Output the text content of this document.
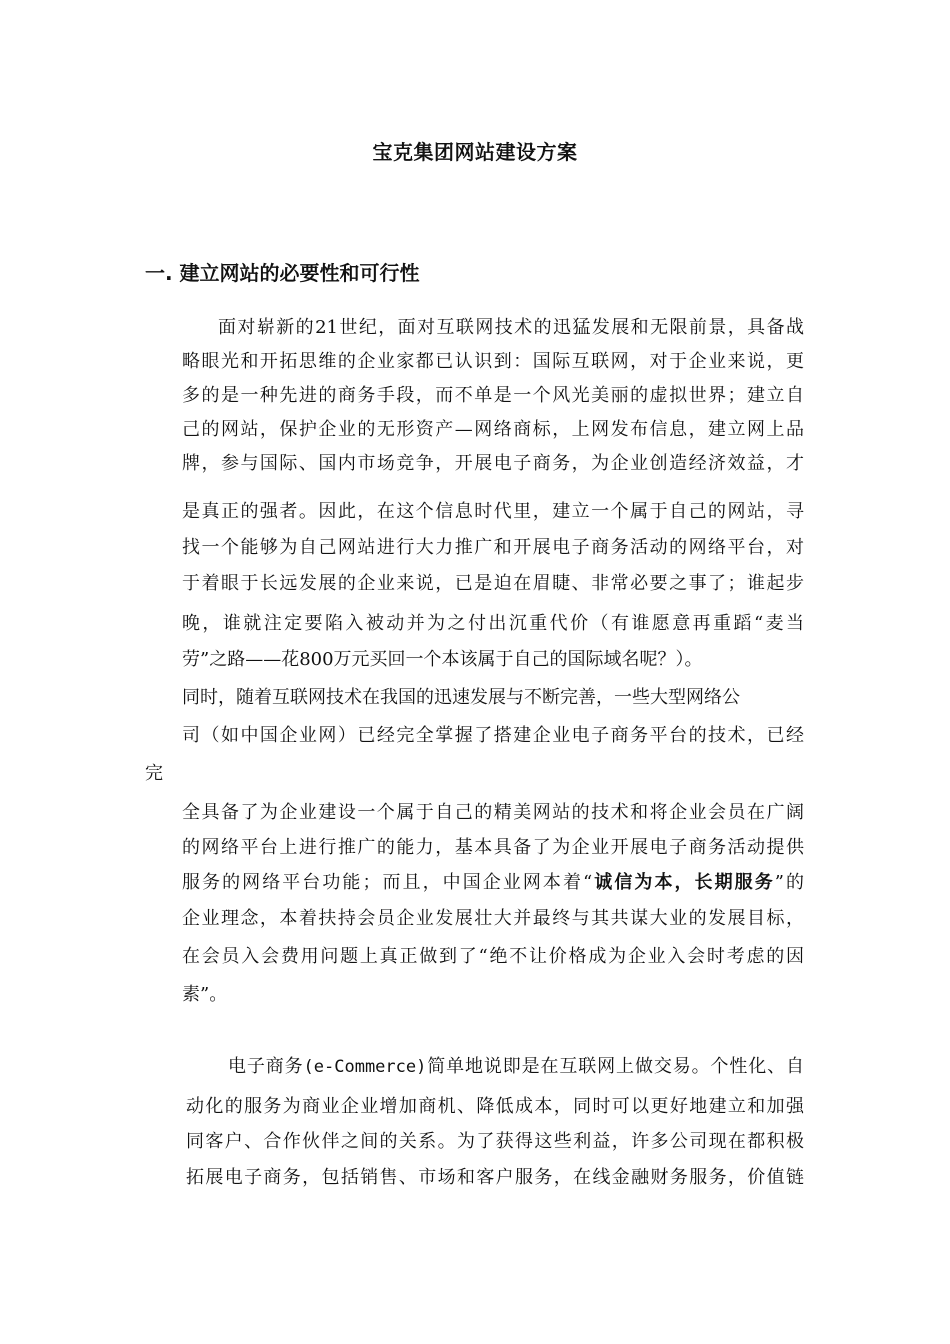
宝克集团网站建设方案
一. 建立网站的必要性和可行性
面对崭新的21世纪，面对互联网技术的迅猛发展和无限前景，具备战
略眼光和开拓思维的企业家都已认识到：国际互联网，对于企业来说，更
多的是一种先进的商务手段，而不单是一个风光美丽的虚拟世界；建立自
己的网站，保护企业的无形资产—网络商标，上网发布信息，建立网上品
牌，参与国际、国内市场竞争，开展电子商务，为企业创造经济效益，才
是真正的强者。因此，在这个信息时代里，建立一个属于自己的网站，寻
找一个能够为自己网站进行大力推广和开展电子商务活动的网络平台，对
于着眼于长远发展的企业来说，已是迫在眉睫、非常必要之事了；谁起步
晚，谁就注定要陷入被动并为之付出沉重代价（有谁愿意再重蹈“麦当
劳”之路——花800万元买回一个本该属于自己的国际域名呢？）。
同时，随着互联网技术在我国的迅速发展与不断完善，一些大型网络公
司（如中国企业网）已经完全掌握了搭建企业电子商务平台的技术，已经
完
全具备了为企业建设一个属于自己的精美网站的技术和将企业会员在广阔
的网络平台上进行推广的能力，基本具备了为企业开展电子商务活动提供
服务的网络平台功能；而且，中国企业网本着“诚信为本，长期服务”的
企业理念，本着扶持会员企业发展壮大并最终与其共谋大业的发展目标，
在会员入会费用问题上真正做到了“绝不让价格成为企业入会时考虑的因
素”。
电子商务(e-Commerce)简单地说即是在互联网上做交易。个性化、自
动化的服务为商业企业增加商机、降低成本，同时可以更好地建立和加强
同客户、合作伙伴之间的关系。为了获得这些利益，许多公司现在都积极
拓展电子商务，包括销售、市场和客户服务，在线金融财务服务，价值链
